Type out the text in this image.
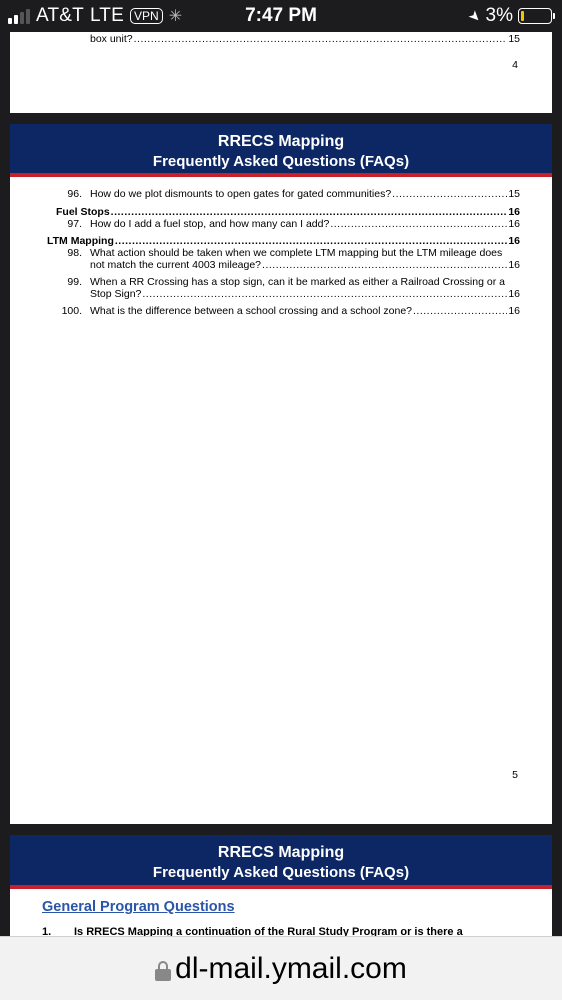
AT&T LTE VPN ✳	7:47 PM	➤ 3%
box unit? .....	15
4
RRECS Mapping
Frequently Asked Questions (FAQs)
96. How do we plot dismounts to open gates for gated communities? .....	15
Fuel Stops .....	16
97. How do I add a fuel stop, and how many can I add? .....	16
LTM Mapping .....	16
98. What action should be taken when we complete LTM mapping but the LTM mileage does
not match the current 4003 mileage? .....	16
99. When a RR Crossing has a stop sign, can it be marked as either a Railroad Crossing or a
Stop Sign? .....	16
100. What is the difference between a school crossing and a school zone? .....	16
5
RRECS Mapping
Frequently Asked Questions (FAQs)
General Program Questions
1. Is RRECS Mapping a continuation of the Rural Study Program or is there a
dl-mail.ymail.com
